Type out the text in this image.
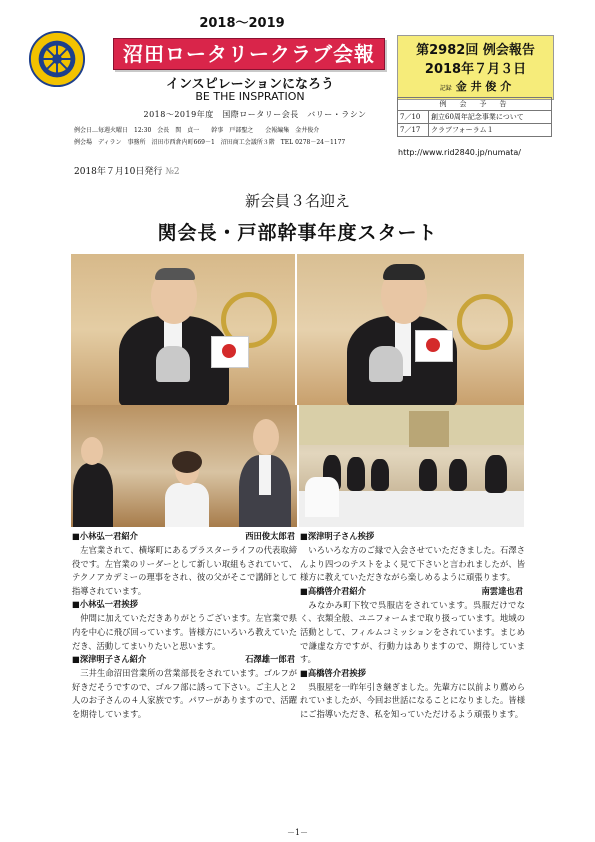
2018～2019
沼田ロータリークラブ会報
インスピレーションになろう
BE THE INSPRATION
2018～2019年度　国際ロータリー会長　バリー・ラシン
例会日…毎週火曜日　12:30　会長　関　貞一　　幹事　戸部聖之　　会報編集　金井俊介
例会場　ディラン　事務所　沼田市西倉内町669－1　沼田商工会議所３階　TEL 0278－24－1177
第2982回 例会報告
2018年７月３日
記録 金 井 俊 介
例　会　予　告	
7／10	創立60周年記念事業について
7／17	クラブフォーラム１
http://www.rid2840.jp/numata/
2018年７月10日発行 №2
新会員３名迎え
関会長・戸部幹事年度スタート
■小林弘一君紹介	西田俊太郎君

左官業されて、横塚町にあるプラスターライフの代表取締役です。左官業のリーダーとして新しい取組もされていて、テクノアカデミーの理事をされ、彼の父がそこで講師として指導されています。

■小林弘一君挨拶

仲間に加えていただきありがとうございます。左官業で県内を中心に飛び回っています。皆様方にいろいろ教えていただき、活動してまいりたいと思います。

■深津明子さん紹介	石澤雄一郎君

三井生命沼田営業所の営業部長をされています。ゴルフが好きだそうですので、ゴルフ部に誘って下さい。ご主人と２人のお子さんの４人家族です。パワーがありますので、活躍を期待しています。

■深津明子さん挨拶

いろいろな方のご縁で入会させていただきました。石澤さんより四つのテストをよく見て下さいと言われましたが、皆様方に教えていただきながら楽しめるように頑張ります。

■高橋啓介君紹介	南雲達也君

みなかみ町下牧で呉服店をされています。呉服だけでなく、衣類全般、ユニフォームまで取り扱っています。地域の活動として、フィルムコミッションをされています。まじめで謙虚な方ですが、行動力はありますので、期待しています。

■高橋啓介君挨拶

呉服屋を一昨年引き継ぎました。先輩方に以前より薦められていましたが、今回お世話になることになりました。皆様にご指導いただき、私を知っていただけるよう頑張ります。

－1－
